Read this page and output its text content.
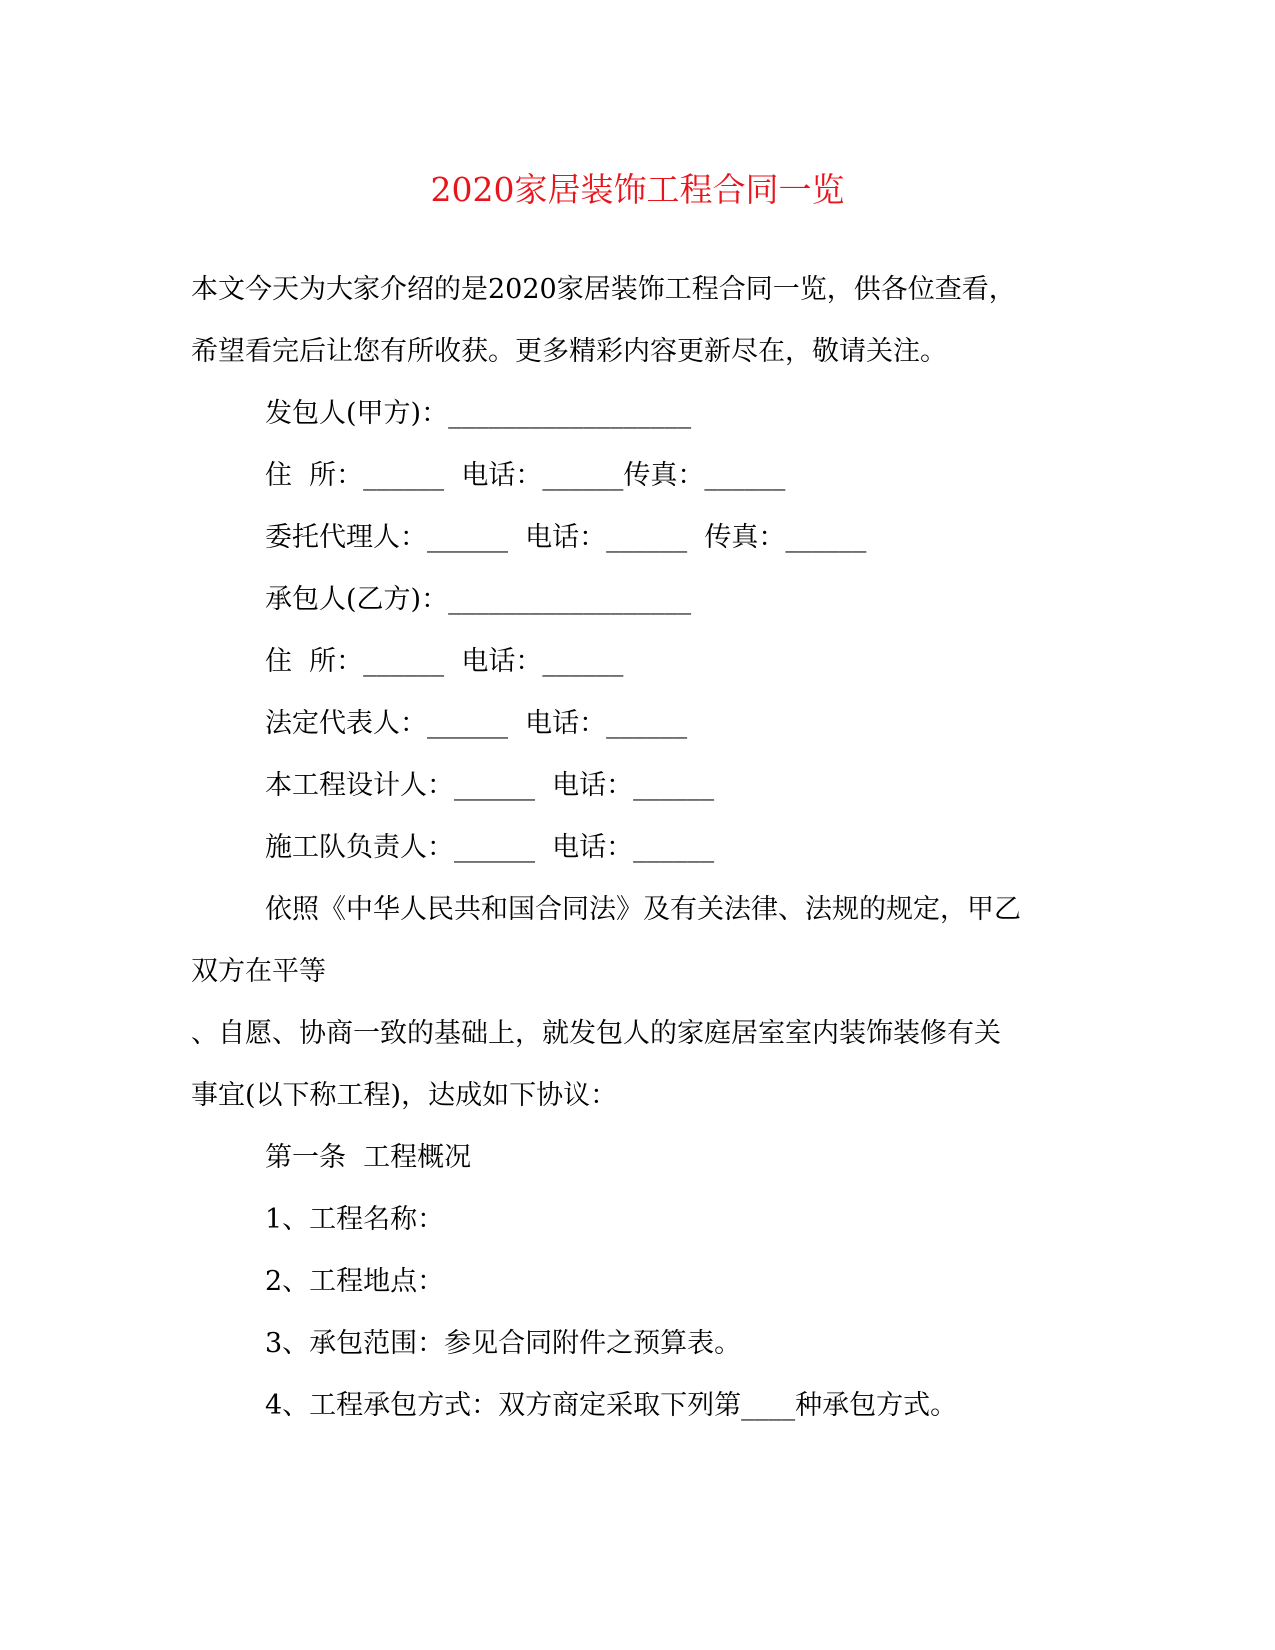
2020家居装饰工程合同一览
本文今天为大家介绍的是2020家居装饰工程合同一览，供各位查看，
希望看完后让您有所收获。更多精彩内容更新尽在，敬请关注。
发包人(甲方)：__________________
住  所：______  电话：______传真：______
委托代理人：______  电话：______  传真：______
承包人(乙方)：__________________
住  所：______  电话：______
法定代表人：______  电话：______
本工程设计人：______  电话：______
施工队负责人：______  电话：______
依照《中华人民共和国合同法》及有关法律、法规的规定，甲乙
双方在平等
、自愿、协商一致的基础上，就发包人的家庭居室室内装饰装修有关
事宜(以下称工程)，达成如下协议：
第一条  工程概况
1、工程名称：
2、工程地点：
3、承包范围：参见合同附件之预算表。
4、工程承包方式：双方商定采取下列第____种承包方式。
